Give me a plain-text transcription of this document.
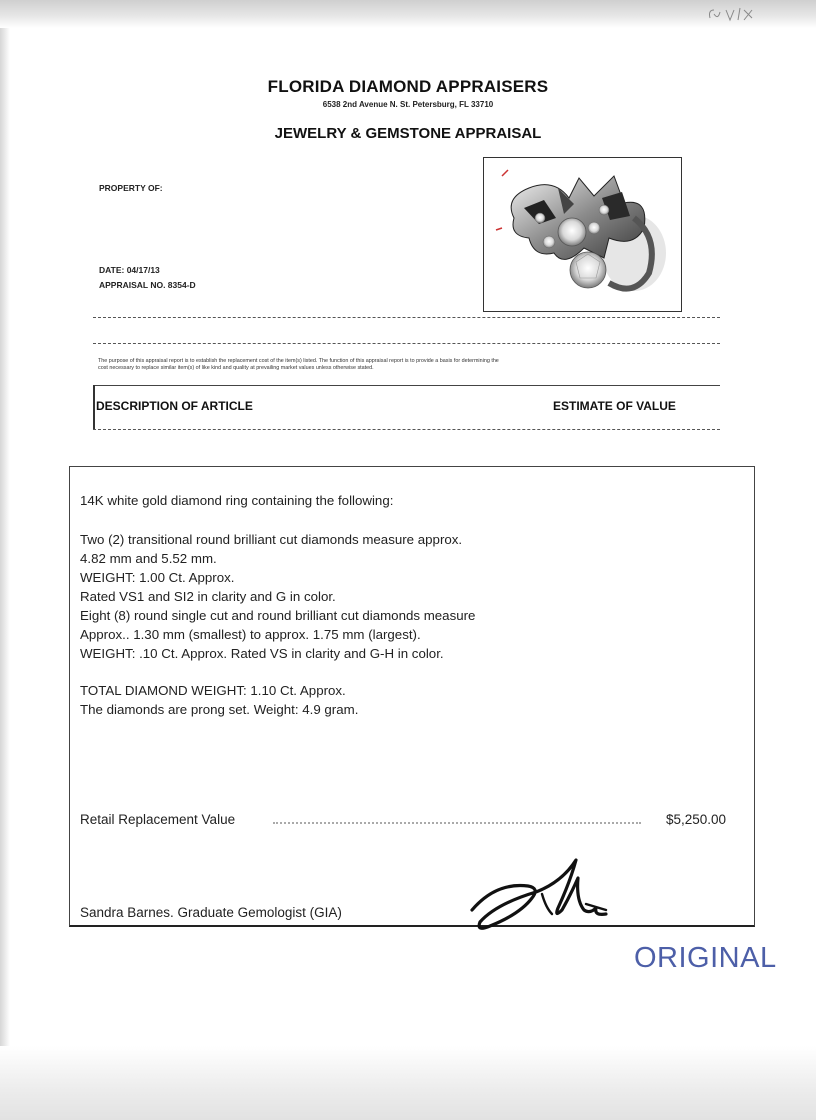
FLORIDA DIAMOND APPRAISERS
6538 2nd Avenue N. St. Petersburg, FL 33710
JEWELRY & GEMSTONE APPRAISAL
PROPERTY OF:
DATE: 04/17/13
APPRAISAL NO. 8354-D
The purpose of this appraisal report is to establish the replacement cost of the item(s) listed. The function of this appraisal report is to provide a basis for determining the
cost necessary to replace similar item(s) of like kind and quality at prevailing market values unless otherwise stated.
DESCRIPTION OF ARTICLE	ESTIMATE OF VALUE
14K white gold diamond ring containing the following:
Two (2) transitional round brilliant cut diamonds measure approx.
4.82 mm and 5.52 mm.
WEIGHT: 1.00 Ct. Approx.
Rated VS1 and SI2 in clarity and G in color.
Eight (8) round single cut and round brilliant cut diamonds measure
Approx.. 1.30 mm (smallest) to approx. 1.75 mm (largest).
WEIGHT: .10 Ct. Approx. Rated VS in clarity and G-H in color.
TOTAL DIAMOND WEIGHT: 1.10 Ct. Approx.
The diamonds are prong set. Weight: 4.9 gram.
Retail Replacement Value	$5,250.00
Sandra Barnes. Graduate Gemologist (GIA)
ORIGINAL
